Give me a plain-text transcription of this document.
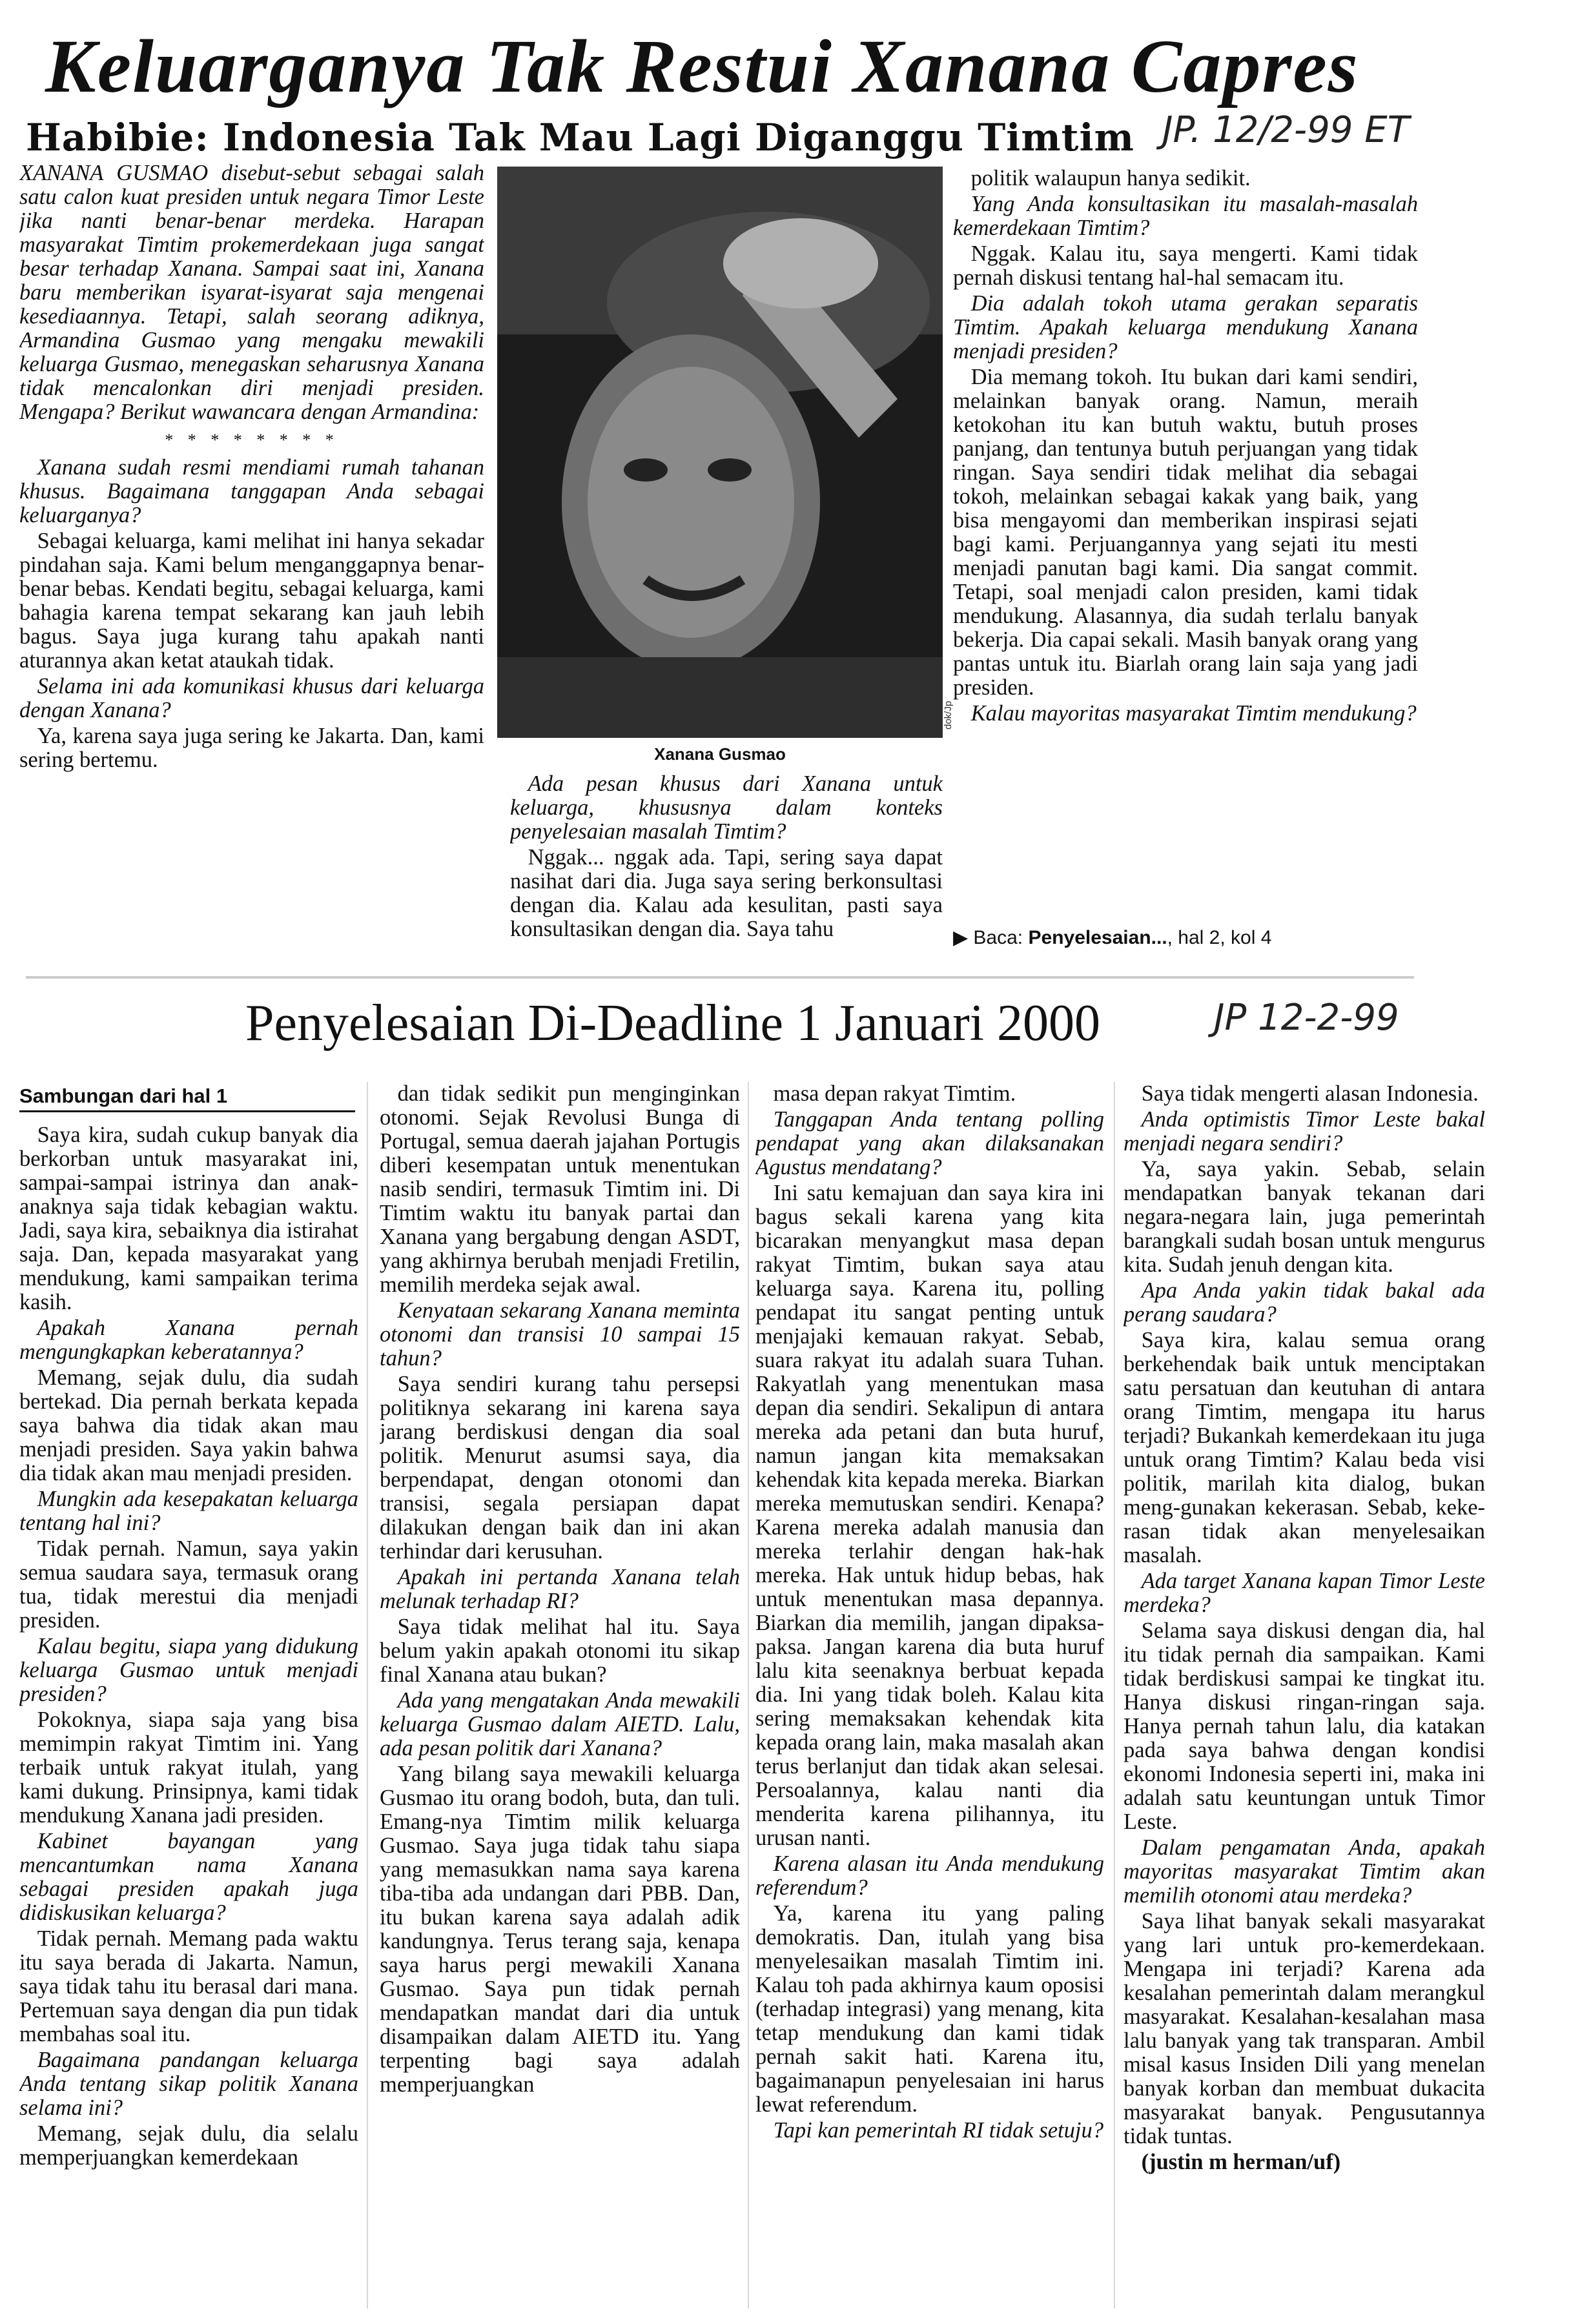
Keluarganya Tak Restui Xanana Capres
Habibie: Indonesia Tak Mau Lagi Diganggu Timtim JP. 12/2-99 ET

XANANA GUSMAO disebut-sebut sebagai salah satu calon kuat presiden untuk negara Timor Leste jika nanti benar-benar merdeka. Harapan masyarakat Timtim prokemerdekaan juga sangat besar terhadap Xanana. Sampai saat ini, Xanana baru memberikan isyarat-isyarat saja mengenai kesediaannya. Tetapi, salah seorang adiknya, Armandina Gusmao yang mengaku mewakili keluarga Gusmao, menegaskan seharusnya Xanana tidak mencalonkan diri menjadi presiden. Mengapa? Berikut wawancara dengan Armandina:

* * * * * * * *

Xanana sudah resmi mendiami rumah tahanan khusus. Bagaimana tanggapan Anda sebagai keluarganya?

Sebagai keluarga, kami melihat ini hanya sekadar pindahan saja. Kami belum menganggapnya benar-benar bebas. Kendati begitu, sebagai keluarga, kami bahagia karena tempat sekarang kan jauh lebih bagus. Saya juga kurang tahu apakah nanti aturannya akan ketat ataukah tidak.

Selama ini ada komunikasi khusus dari keluarga dengan Xanana?

Ya, karena saya juga sering ke Jakarta. Dan, kami sering bertemu.

dok/Jp
Xanana Gusmao

Ada pesan khusus dari Xanana untuk keluarga, khususnya dalam konteks penyelesaian masalah Timtim?

Nggak... nggak ada. Tapi, sering saya dapat nasihat dari dia. Juga saya sering berkonsultasi dengan dia. Kalau ada kesulitan, pasti saya konsultasikan dengan dia. Saya tahu

politik walaupun hanya sedikit.

Yang Anda konsultasikan itu masalah-masalah kemerdekaan Timtim?

Nggak. Kalau itu, saya mengerti. Kami tidak pernah diskusi tentang hal-hal semacam itu.

Dia adalah tokoh utama gerakan separatis Timtim. Apakah keluarga mendukung Xanana menjadi presiden?

Dia memang tokoh. Itu bukan dari kami sendiri, melainkan banyak orang. Namun, meraih ketokohan itu kan butuh waktu, butuh proses panjang, dan tentunya butuh perjuangan yang tidak ringan. Saya sendiri tidak melihat dia sebagai tokoh, melainkan sebagai kakak yang baik, yang bisa mengayomi dan memberikan inspirasi sejati bagi kami. Perjuangannya yang sejati itu mesti menjadi panutan bagi kami. Dia sangat commit. Tetapi, soal menjadi calon presiden, kami tidak mendukung. Alasannya, dia sudah terlalu banyak bekerja. Dia capai sekali. Masih banyak orang yang pantas untuk itu. Biarlah orang lain saja yang jadi presiden.

Kalau mayoritas masyarakat Timtim mendukung?

▶ Baca: Penyelesaian..., hal 2, kol 4
Penyelesaian Di-Deadline 1 Januari 2000	JP 12-2-99
Sambungan dari hal 1

Saya kira, sudah cukup banyak dia berkorban untuk masyarakat ini, sampai-sampai istrinya dan anak-anaknya saja tidak kebagian waktu. Jadi, saya kira, sebaiknya dia istirahat saja. Dan, kepada masyarakat yang mendukung, kami sampaikan terima kasih.

Apakah Xanana pernah mengungkapkan keberatannya?

Memang, sejak dulu, dia sudah bertekad. Dia pernah berkata kepada saya bahwa dia tidak akan mau menjadi presiden. Saya yakin bahwa dia tidak akan mau menjadi presiden.

Mungkin ada kesepakatan keluarga tentang hal ini?

Tidak pernah. Namun, saya yakin semua saudara saya, termasuk orang tua, tidak merestui dia menjadi presiden.

Kalau begitu, siapa yang didukung keluarga Gusmao untuk menjadi presiden?

Pokoknya, siapa saja yang bisa memimpin rakyat Timtim ini. Yang terbaik untuk rakyat itulah, yang kami dukung. Prinsipnya, kami tidak mendukung Xanana jadi presiden.

Kabinet bayangan yang mencantumkan nama Xanana sebagai presiden apakah juga didiskusikan keluarga?

Tidak pernah. Memang pada waktu itu saya berada di Jakarta. Namun, saya tidak tahu itu berasal dari mana. Pertemuan saya dengan dia pun tidak membahas soal itu.

Bagaimana pandangan keluarga Anda tentang sikap politik Xanana selama ini?

Memang, sejak dulu, dia selalu memperjuangkan kemerdekaan

dan tidak sedikit pun menginginkan otonomi. Sejak Revolusi Bunga di Portugal, semua daerah jajahan Portugis diberi kesempatan untuk menentukan nasib sendiri, termasuk Timtim ini. Di Timtim waktu itu banyak partai dan Xanana yang bergabung dengan ASDT, yang akhirnya berubah menjadi Fretilin, memilih merdeka sejak awal.

Kenyataan sekarang Xanana meminta otonomi dan transisi 10 sampai 15 tahun?

Saya sendiri kurang tahu persepsi politiknya sekarang ini karena saya jarang berdiskusi dengan dia soal politik. Menurut asumsi saya, dia berpendapat, dengan otonomi dan transisi, segala persiapan dapat dilakukan dengan baik dan ini akan terhindar dari kerusuhan.

Apakah ini pertanda Xanana telah melunak terhadap RI?

Saya tidak melihat hal itu. Saya belum yakin apakah otonomi itu sikap final Xanana atau bukan?

Ada yang mengatakan Anda mewakili keluarga Gusmao dalam AIETD. Lalu, ada pesan politik dari Xanana?

Yang bilang saya mewakili keluarga Gusmao itu orang bodoh, buta, dan tuli. Emang-nya Timtim milik keluarga Gusmao. Saya juga tidak tahu siapa yang memasukkan nama saya karena tiba-tiba ada undangan dari PBB. Dan, itu bukan karena saya adalah adik kandungnya. Terus terang saja, kenapa saya harus pergi mewakili Xanana Gusmao. Saya pun tidak pernah mendapatkan mandat dari dia untuk disampaikan dalam AIETD itu. Yang terpenting bagi saya adalah memperjuangkan

masa depan rakyat Timtim.

Tanggapan Anda tentang polling pendapat yang akan dilaksanakan Agustus mendatang?

Ini satu kemajuan dan saya kira ini bagus sekali karena yang kita bicarakan menyangkut masa depan rakyat Timtim, bukan saya atau keluarga saya. Karena itu, polling pendapat itu sangat penting untuk menjajaki kemauan rakyat. Sebab, suara rakyat itu adalah suara Tuhan. Rakyatlah yang menentukan masa depan dia sendiri. Sekalipun di antara mereka ada petani dan buta huruf, namun jangan kita memaksakan kehendak kita kepada mereka. Biarkan mereka memutuskan sendiri. Kenapa? Karena mereka adalah manusia dan mereka terlahir dengan hak-hak mereka. Hak untuk hidup bebas, hak untuk menentukan masa depannya. Biarkan dia memilih, jangan dipaksa-paksa. Jangan karena dia buta huruf lalu kita seenaknya berbuat kepada dia. Ini yang tidak boleh. Kalau kita sering memaksakan kehendak kita kepada orang lain, maka masalah akan terus berlanjut dan tidak akan selesai. Persoalannya, kalau nanti dia menderita karena pilihannya, itu urusan nanti.

Karena alasan itu Anda mendukung referendum?

Ya, karena itu yang paling demokratis. Dan, itulah yang bisa menyelesaikan masalah Timtim ini. Kalau toh pada akhirnya kaum oposisi (terhadap integrasi) yang menang, kita tetap mendukung dan kami tidak pernah sakit hati. Karena itu, bagaimanapun penyelesaian ini harus lewat referendum.

Tapi kan pemerintah RI tidak setuju?

Saya tidak mengerti alasan Indonesia.

Anda optimistis Timor Leste bakal menjadi negara sendiri?

Ya, saya yakin. Sebab, selain mendapatkan banyak tekanan dari negara-negara lain, juga pemerintah barangkali sudah bosan untuk mengurus kita. Sudah jenuh dengan kita.

Apa Anda yakin tidak bakal ada perang saudara?

Saya kira, kalau semua orang berkehendak baik untuk menciptakan satu persatuan dan keutuhan di antara orang Timtim, mengapa itu harus terjadi? Bukankah kemerdekaan itu juga untuk orang Timtim? Kalau beda visi politik, marilah kita dialog, bukan meng-gunakan kekerasan. Sebab, keke-rasan tidak akan menyelesaikan masalah.

Ada target Xanana kapan Timor Leste merdeka?

Selama saya diskusi dengan dia, hal itu tidak pernah dia sampaikan. Kami tidak berdiskusi sampai ke tingkat itu. Hanya diskusi ringan-ringan saja. Hanya pernah tahun lalu, dia katakan pada saya bahwa dengan kondisi ekonomi Indonesia seperti ini, maka ini adalah satu keuntungan untuk Timor Leste.

Dalam pengamatan Anda, apakah mayoritas masyarakat Timtim akan memilih otonomi atau merdeka?

Saya lihat banyak sekali masyarakat yang lari untuk pro-kemerdekaan. Mengapa ini terjadi? Karena ada kesalahan pemerintah dalam merangkul masyarakat. Kesalahan-kesalahan masa lalu banyak yang tak transparan. Ambil misal kasus Insiden Dili yang menelan banyak korban dan membuat dukacita masyarakat banyak. Pengusutannya tidak tuntas.

(justin m herman/uf)
